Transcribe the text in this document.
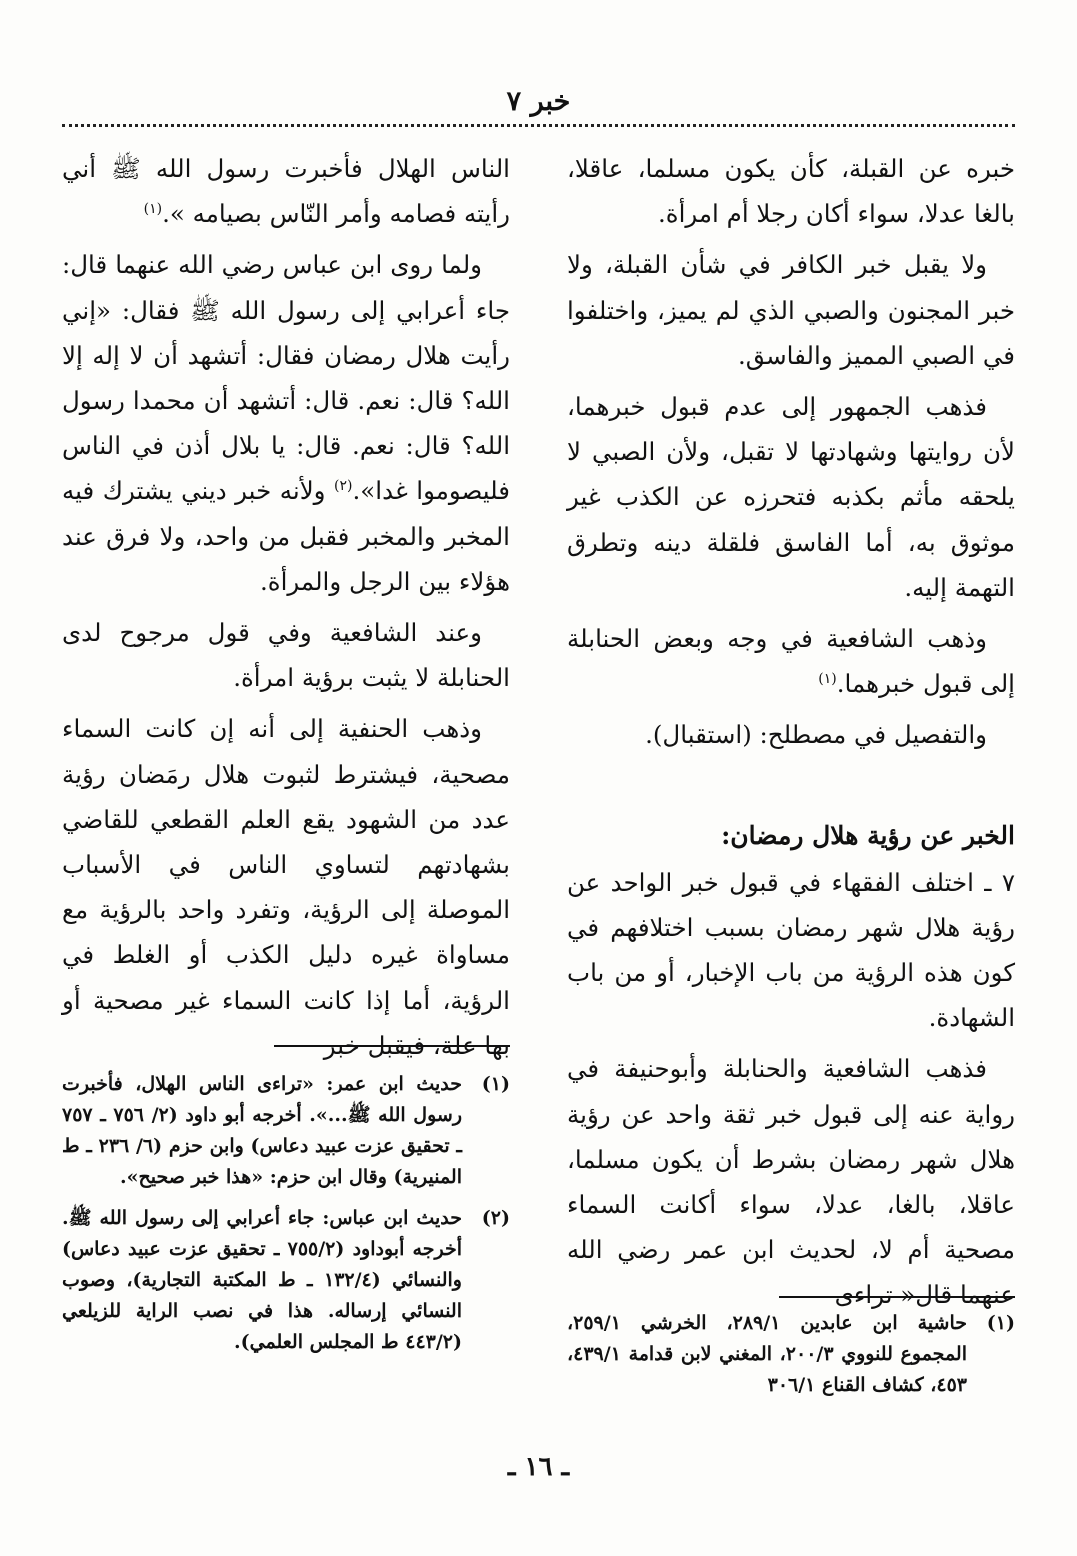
خبر ٧

خبره عن القبلة، كأن يكون مسلما، عاقلا، بالغا عدلا، سواء أكان رجلا أم امرأة.

ولا يقبل خبر الكافر في شأن القبلة، ولا خبر المجنون والصبي الذي لم يميز، واختلفوا في الصبي المميز والفاسق.

فذهب الجمهور إلى عدم قبول خبرهما، لأن روايتها وشهادتها لا تقبل، ولأن الصبي لا يلحقه مأثم بكذبه فتحرزه عن الكذب غير موثوق به، أما الفاسق فلقلة دينه وتطرق التهمة إليه.

وذهب الشافعية في وجه وبعض الحنابلة إلى قبول خبرهما.$^{(١)}$

والتفصيل في مصطلح: (استقبال).

الخبر عن رؤية هلال رمضان:

٧ ـ اختلف الفقهاء في قبول خبر الواحد عن رؤية هلال شهر رمضان بسبب اختلافهم في كون هذه الرؤية من باب الإخبار، أو من باب الشهادة.

فذهب الشافعية والحنابلة وأبوحنيفة في رواية عنه إلى قبول خبر ثقة واحد عن رؤية هلال شهر رمضان بشرط أن يكون مسلما، عاقلا، بالغا، عدلا، سواء أكانت السماء مصحية أم لا، لحديث ابن عمر رضي الله عنهما قال« تراءى

الناس الهلال فأخبرت رسول الله ﷺ أني رأيته فصامه وأمر النّاس بصيامه ».$^{(١)}$

ولما روى ابن عباس رضي الله عنهما قال: جاء أعرابي إلى رسول الله ﷺ فقال: «إني رأيت هلال رمضان فقال: أتشهد أن لا إله إلا الله؟ قال: نعم. قال: أتشهد أن محمدا رسول الله؟ قال: نعم. قال: يا بلال أذن في الناس فليصوموا غدا».$^{(٢)}$ ولأنه خبر ديني يشترك فيه المخبر والمخبر فقبل من واحد، ولا فرق عند هؤلاء بين الرجل والمرأة.

وعند الشافعية وفي قول مرجوح لدى الحنابلة لا يثبت برؤية امرأة.

وذهب الحنفية إلى أنه إن كانت السماء مصحية، فيشترط لثبوت هلال رمَضان رؤية عدد من الشهود يقع العلم القطعي للقاضي بشهادتهم لتساوي الناس في الأسباب الموصلة إلى الرؤية، وتفرد واحد بالرؤية مع مساواة غيره دليل الكذب أو الغلط في الرؤية، أما إذا كانت السماء غير مصحية أو بها علة، فيقبل خبر

(١)
حاشية ابن عابدين ٢٨٩/١، الخرشي ٢٥٩/١، المجموع للنووي ٢٠٠/٣، المغني لابن قدامة ٤٣٩/١، ٤٥٣، كشاف القناع ٣٠٦/١
(١)
حديث ابن عمر: «تراءى الناس الهلال، فأخبرت رسول الله ﷺ...». أخرجه أبو داود (٢/ ٧٥٦ ـ ٧٥٧ ـ تحقيق عزت عبيد دعاس) وابن حزم (٦/ ٢٣٦ ـ ط المنيرية) وقال ابن حزم: «هذا خبر صحيح».
(٢)
حديث ابن عباس: جاء أعرابي إلى رسول الله ﷺ. أخرجه أبوداود (٧٥٥/٢ ـ تحقيق عزت عبيد دعاس) والنسائي (١٣٢/٤ ـ ط المكتبة التجارية)، وصوب النسائي إرساله. هذا في نصب الراية للزيلعي (٤٤٣/٢ ط المجلس العلمي).
ـ ١٦ ـ
